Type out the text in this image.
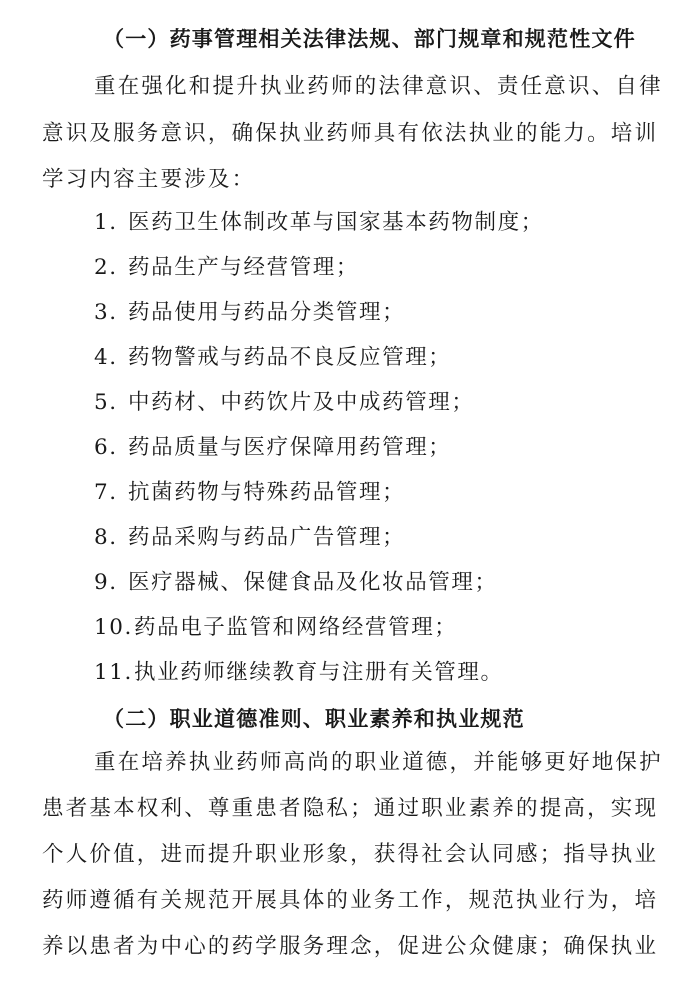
（一）药事管理相关法律法规、部门规章和规范性文件
重在强化和提升执业药师的法律意识、责任意识、自律
意识及服务意识，确保执业药师具有依法执业的能力。培训
学习内容主要涉及：
1. 医药卫生体制改革与国家基本药物制度；
2. 药品生产与经营管理；
3. 药品使用与药品分类管理；
4. 药物警戒与药品不良反应管理；
5. 中药材、中药饮片及中成药管理；
6. 药品质量与医疗保障用药管理；
7. 抗菌药物与特殊药品管理；
8. 药品采购与药品广告管理；
9. 医疗器械、保健食品及化妆品管理；
10.药品电子监管和网络经营管理；
11.执业药师继续教育与注册有关管理。
（二）职业道德准则、职业素养和执业规范
重在培养执业药师高尚的职业道德，并能够更好地保护
患者基本权利、尊重患者隐私；通过职业素养的提高，实现
个人价值，进而提升职业形象，获得社会认同感；指导执业
药师遵循有关规范开展具体的业务工作，规范执业行为，培
养以患者为中心的药学服务理念，促进公众健康；确保执业
